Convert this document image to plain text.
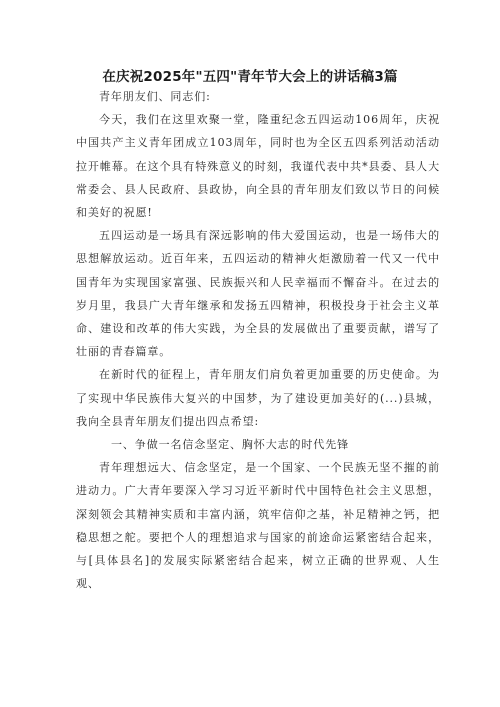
在庆祝2025年"五四"青年节大会上的讲话稿3篇

青年朋友们、同志们:

今天，我们在这里欢聚一堂，隆重纪念五四运动106周年，庆祝中国共产主义青年团成立103周年，同时也为全区五四系列活动活动拉开帷幕。在这个具有特殊意义的时刻，我谨代表中共*县委、县人大常委会、县人民政府、县政协，向全县的青年朋友们致以节日的问候和美好的祝愿!

五四运动是一场具有深远影响的伟大爱国运动，也是一场伟大的思想解放运动。近百年来，五四运动的精神火炬激励着一代又一代中国青年为实现国家富强、民族振兴和人民幸福而不懈奋斗。在过去的岁月里，我县广大青年继承和发扬五四精神，积极投身于社会主义革命、建设和改革的伟大实践，为全县的发展做出了重要贡献，谱写了壮丽的青春篇章。

在新时代的征程上，青年朋友们肩负着更加重要的历史使命。为了实现中华民族伟大复兴的中国梦，为了建设更加美好的(...)县城，我向全县青年朋友们提出四点希望:

一、争做一名信念坚定、胸怀大志的时代先锋

青年理想远大、信念坚定，是一个国家、一个民族无坚不摧的前进动力。广大青年要深入学习习近平新时代中国特色社会主义思想，深刻领会其精神实质和丰富内涵，筑牢信仰之基，补足精神之钙，把稳思想之舵。要把个人的理想追求与国家的前途命运紧密结合起来，与[具体县名]的发展实际紧密结合起来，树立正确的世界观、人生观、
